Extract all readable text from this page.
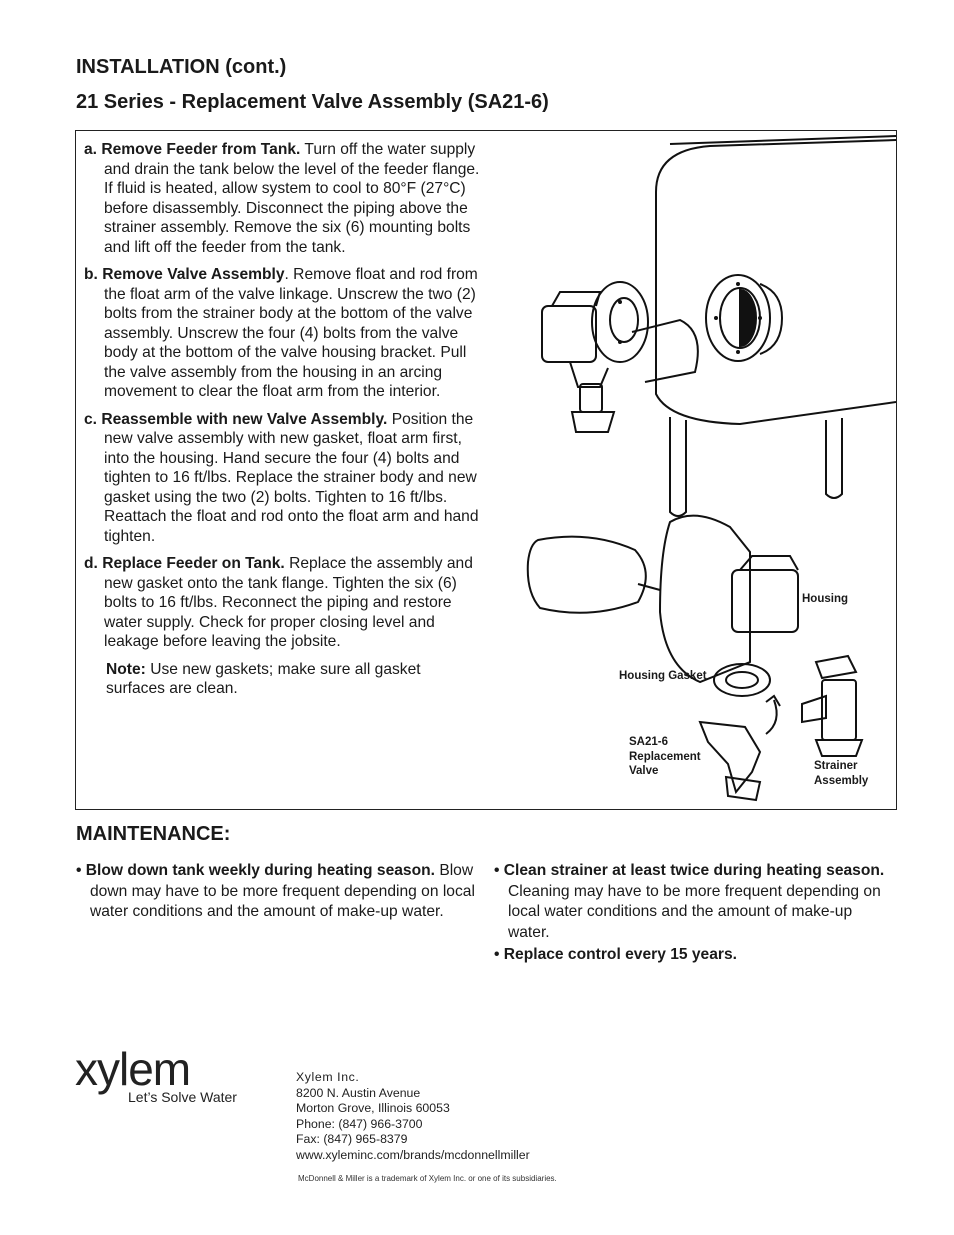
INSTALLATION (cont.)
21 Series - Replacement Valve Assembly (SA21-6)
a. Remove Feeder from Tank. Turn off the water supply and drain the tank below the level of the feeder flange. If fluid is heated, allow system to cool to 80°F (27°C) before disassembly. Disconnect the piping above the strainer assembly. Remove the six (6) mounting bolts and lift off the feeder from the tank.
b. Remove Valve Assembly. Remove float and rod from the float arm of the valve linkage. Unscrew the two (2) bolts from the strainer body at the bottom of the valve assembly. Unscrew the four (4) bolts from the valve body at the bottom of the valve housing bracket. Pull the valve assembly from the housing in an arcing movement to clear the float arm from the interior.
c. Reassemble with new Valve Assembly. Position the new valve assembly with new gasket, float arm first, into the housing. Hand secure the four (4) bolts and tighten to 16 ft/lbs. Replace the strainer body and new gasket using the two (2) bolts. Tighten to 16 ft/lbs. Reattach the float and rod onto the float arm and hand tighten.
d. Replace Feeder on Tank. Replace the assembly and new gasket onto the tank flange. Tighten the six (6) bolts to 16 ft/lbs. Reconnect the piping and restore water supply. Check for proper closing level and leakage before leaving the jobsite.
Note: Use new gaskets; make sure all gasket surfaces are clean.
Housing
Housing Gasket
SA21-6
Replacement
Valve	Strainer
Assembly
MAINTENANCE:
• Blow down tank weekly during heating season. Blow down may have to be more frequent depending on local water conditions and the amount of make-up water.
• Clean strainer at least twice during heating season. Cleaning may have to be more frequent depending on local water conditions and the amount of make-up water.
• Replace control every 15 years.
xylem
Let’s Solve Water
Xylem Inc.
8200 N. Austin Avenue
Morton Grove, Illinois 60053
Phone: (847) 966-3700
Fax: (847) 965-8379
www.xyleminc.com/brands/mcdonnellmiller
McDonnell & Miller is a trademark of Xylem Inc. or one of its subsidiaries.
